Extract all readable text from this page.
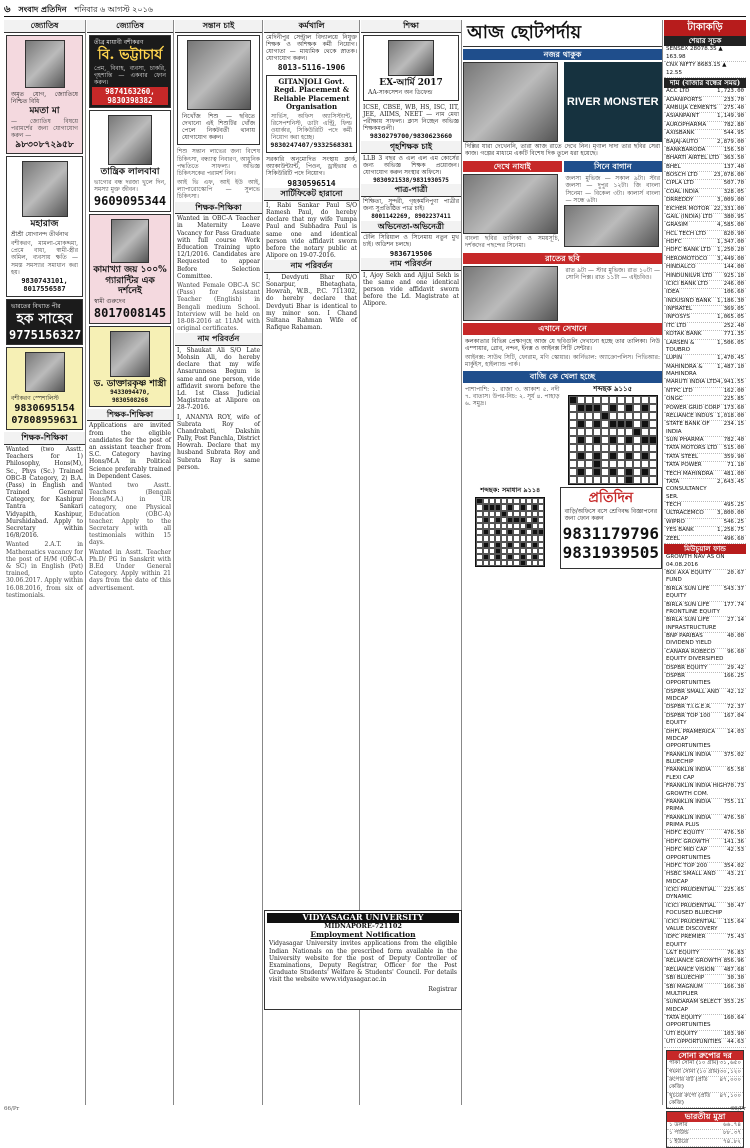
৬ সংবাদ প্রতিদিন শনিবার ৬ আগস্ট ২০১৬
জ্যোতিষ
অমৃত যোগ, জ্যোতিষে নিশ্চিত বিধি
মমতা মা
— জ্যোতিষ বিষয়ে পরামর্শের জন্য যোগাযোগ করুন —
৯৮৩০৮৭২৯৫৮
মহারাজ
শ্রীশ্রী যোগানন্দ তীর্থনাথ
বশীকরণ, মামলা-মোকদ্দমা, প্রেমে বাধা, স্বামী-স্ত্রীর অমিল, ব্যবসায় ক্ষতি — সমস্ত সমস্যার সমাধান করা হয়।
9830743101, 8017556587
ভারতের বিখ্যাত পীর
হক সাহেব
9775156327
বশীকরণ স্পেশালিস্ট
9830695154
07808959631
শিক্ষক-শিক্ষিকা
Wanted (two Asstt. Teachers for 1) Philosophy, Hons(M), Sc., Phys (Sc.) Trained OBC-B Category, 2) B.A. (Pass) in English and Trained General Category, for Kashipur Tantra Sankari Vidyapith, Kashipur, Murshidabad. Apply to Secretary within 16/8/2016.
Wanted 2.A.T. in Mathematics vacancy for the post of H/M (OBC-A & SC) in English (Pet) trained, upto 30.06.2017. Apply within 16.08.2016, from six of testimonials.
জ্যোতিষ
তীব্র মায়াবী বশীকরণ
বি. ভট্টাচার্য
প্রেম, বিবাহ, ব্যবসা, চাকরি, গৃহশান্তি — একবার ফোন করুন।
9874163260, 9830398382
তান্ত্রিক লালবাবা
ভাগ্যের বন্ধ দরজা খুলে দিন, সমস্যা মুক্ত জীবন।
9609095344
কামাখ্যা জয় ১০০% গ্যারান্টির এক দর্শনেই
স্বামী গুরুদেব
8017008145
ড. ডাক্তারকৃষ্ণ শাস্ত্রী
9433094470, 9830508268
শিক্ষক-শিক্ষিকা
Applications are invited from the eligible candidates for the post of an assistant teacher from S.C. Category having Hons/M.A in Political Science preferably trained in Dependent Cases.
Wanted two Asstt. Teachers (Bengali Hons/M.A.) in UR category, one Physical Education (OBC-A) teacher. Apply to the Secretary with all testimonials within 15 days.
Wanted in Asstt. Teacher Ph.D/ PG in Sanskrit with B.Ed Under General Category. Apply within 21 days from the date of this advertisement.
সন্তান চাই
নিখোঁজ শিশু — ছবিতে দেখানো এই শিশুটির খোঁজ পেলে নিকটবর্তী থানায় যোগাযোগ করুন।
শিশু সন্তান লাভের জন্য বিশেষ চিকিৎসা, বন্ধ্যাত্ব নিবারণ, আধুনিক পদ্ধতিতে সাফল্য। অভিজ্ঞ চিকিৎসকের পরামর্শ নিন।
আই ভি এফ, আই ইউ আই, ল্যাপারোস্কোপি — সুলভে চিকিৎসা।
শিক্ষক-শিক্ষিকা
Wanted in OBC-A Teacher in Maternity Leave Vacancy for Pass Graduate with full course Work Education Training upto 12/1/2016. Candidates are Requested to appear Before Selection Committee.
Wanted Female OBC-A SC (Pass) for Assistant Teacher (English) in Bengali medium School. Interview will be held on 18-08-2016 at 11AM with original certificates.
নাম পরিবর্তন
I, Shaukat Ali S/O Late Mohsin Ali, do hereby declare that my wife Ansarunnesa Begum is same and one person, vide affidavit sworn before the Ld. 1st Class Judicial Magistrate at Alipore on 28-7-2016.
I, ANANYA ROY, wife of Subrata Roy of Chandrabati, Dakshin Pally, Post Panchla, District Howrah. Declare that my husband Subrata Roy and Subrata Ray is same person.
কর্মখালি
মেদিনীপুর সেন্ট্রাল বিদ্যালয়ে নিযুক্ত শিক্ষক ও অশিক্ষক কর্মী নিয়োগ। যোগ্যতা — মাধ্যমিক থেকে স্নাতক। যোগাযোগ করুন।
8013-5116-1906
GITANJOLI Govt. Regd. Placement & Reliable Placement Organisation
সার্ভিস, অফিস অ্যাসিস্ট্যান্ট, রিসেপশনিস্ট, ডাটা এন্ট্রি, ফিল্ড ওয়ার্কার, সিকিউরিটি পদে কর্মী নিয়োগ করা হচ্ছে।
9830247407/9332568381
সরকারি অনুমোদিত সংস্থায় ক্লার্ক, অ্যাকাউন্ট্যান্ট, পিওন, ড্রাইভার ও সিকিউরিটি পদে নিয়োগ।
9830596514
সার্টিফিকেট হারানো
I, Rabi Sankar Paul S/O Ramesh Paul, do hereby declare that my wife Tumpa Paul and Subhadra Paul is same one and identical person vide affidavit sworn before the notary public at Alipore on 19-07-2016.
নাম পরিবর্তন
I, Devdyuti Bhar R/O Sonarpur, Bhetaghata, Howrah, W.B., P.C. 711302, do hereby declare that Devdyuti Bhar is identical to my minor son. I Chand Sultana Rahman Wife of Rafique Rahaman.
শিক্ষা
EX-আর্মি 2017
AA-সাকসেশন অন ডিফেন্ড
ICSE, CBSE, WB, HS, ISC, IIT, JEE, AIIMS, NEET — নাম মেধা পরীক্ষায় সাফল্য। ক্লাস নিচ্ছেন অভিজ্ঞ শিক্ষকমণ্ডলী।
9830279700/9830623660
গৃহশিক্ষক চাই
LLB 3 বছর ও এল এল এম কোর্সের জন্য অভিজ্ঞ শিক্ষক প্রয়োজন। যোগাযোগ করুন সংস্থার অফিসে।
9830921538/9831930575
পাত্র-পাত্রী
শিক্ষিতা, সুন্দরী, গৃহকর্মনিপুণা পাত্রীর জন্য সুপ্রতিষ্ঠিত পাত্র চাই।
8001142269, 8902237411
অভিনেতা-অভিনেত্রী
টেলি সিরিয়াল ও সিনেমায় নতুন মুখ চাই। অডিশন চলছে।
9836719506
নাম পরিবর্তন
I, Ajoy Sekh and Ajijul Sekh is the same and one identical person vide affidavit sworn before the Ld. Magistrate at Alipore.
আজ ছোটপর্দায়
নজর থাকুক
RIVER MONSTER
দিল্লির যারা দেখেননি, তারা আজ রাতে দেখে নিন। মৃণাল দাদা তার ছবির সেরা কাজ। গল্পের মাধ্যমে একটি বিশেষ দিক তুলে ধরা হয়েছে।
দেখে নাযাই
বাংলা ছবির তালিকা ও সময়সূচি, দর্শকদের পছন্দের সিনেমা।
সিনে বাগান
জলসা মুভিজ — সকাল ৯টা। স্টার জলসা — দুপুর ১২টা। জি বাংলা সিনেমা — বিকেল ৩টা। কালার্স বাংলা — সন্ধে ৬টা।
রাতের ছবি
রাত ৯টা — স্টার মুভিজ। রাত ১০টা — সোনি পিক্স। রাত ১১টা — এইচবিও।
এখানে সেখানে
কলকাতার বিভিন্ন প্রেক্ষাগৃহে আজ যে ছবিগুলি দেখানো হচ্ছে তার তালিকা। নিউ এম্পায়ার, গ্লোব, নন্দন, ইনক্স ও আইনক্স সিটি সেন্টার।
আইনক্স: সাউথ সিটি, ফোরাম, মণি স্কোয়ার। কার্নিভাল: অ্যাক্রোপলিস। পিভিআর: মার্কুইস, হাইল্যান্ড পার্ক।
বাজি কে খেলা হচ্ছে
পাশাপাশি: ১. রাজা ৩. আকাশ ৫. নদী ৭. বাতাস। উপর-নিচ: ২. সূর্য ৪. পাহাড় ৬. সমুদ্র।
শব্দছক ৯১১৫
শব্দছক: সমাধান ৯১১৪	প্রতিদিন
বাড়ি/অফিসে বসে শ্রেণিবদ্ধ বিজ্ঞাপনের জন্য ফোন করুন
9831179796
9831939505
টাকাকড়ি
শেয়ার সূচক
SENSEX 28078.35 ▲ 163.98
CNX NIFTY 8683.15 ▲ 12.55
দাম (বাজার বন্ধের সময়)
ACC LTD	1,723.00
ADANIPORTS	233.70
AMBUJA CEMENTS 275.40
ASIANPAINT	1,149.90
AUROPHARMA	782.80
AXISBANK	544.95
BAJAJ-AUTO	2,879.00
BANKBARODA	156.50
BHARTI AIRTEL LTD 363.50
BHEL	137.40
BOSCH LTD	23,078.00
CIPLA LTD	507.70
COAL INDIA	328.05
DRREDDY	3,009.00
EICHER MOTOR 22,331.00
GAIL (INDIA) LTD 380.95
GRASIM	4,585.00
HCL TECH LTD	820.90
HDFC	1,347.00
HDFC BANK LTD 1,250.20
HEROMOTOCO 3,449.00
HINDALCO	144.00
HINDUNILVR LTD 925.10
ICICI BANK LTD	246.00
IDEA	106.60
INDUSIND BANK 1,186.30
INFRATEL	369.05
INFOSYS	1,065.05
ITC LTD	252.40
KOTAK BANK	771.35
LARSEN & TOUBRO
1,506.05
LUPIN	1,470.45
MAHINDRA & MAHINDRA
1,487.10
MARUTI INDIA LTD 4,941.55
NTPC LTD	162.00
ONGC	225.85
POWER GRID CORP 173.60
RELIANCE INDUS 1,018.00
STATE BANK OF INDIA
234.15
SUN PHARMA	782.40
TATA MOTORS LTD 515.00
TATA STEEL	359.90
TATA POWER	71.10
TECH MAHINDRA 481.00
TATA CONSULTANCY SER.
2,643.45
TECH	495.25
ULTRACEMCO 3,800.00
WIPRO	546.25
YES BANK	1,258.75
ZEEL	496.60
মিউচুয়াল ফান্ড
GROWTH NAV AS ON 04.08.2016
BOI AXA EQUITY FUND
20.67
BIRLA SUN LIFE EQUITY
543.37
BIRLA SUN LIFE FRONTLINE EQUITY
177.74
BIRLA SUN LIFE INFRASTRUCTURE
27.14
BNP PARIBAS DIVIDEND YIELD
40.00
CANARA ROBECO EQUITY DIVERSIFIED
96.60
DSPBR EQUITY	29.42
DSPBR OPPORTUNITIES
166.25
DSPBR SMALL AND MIDCAP
42.12
DSPBR T.I.G.E.R.	72.37
DSPBR TOP 100 EQUITY
167.04
DHFL PRAMERICA MIDCAP OPPORTUNITIES
14.03
FRANKLIN INDIA BLUECHIP
375.02
FRANKLIN INDIA FLEXI CAP
65.58
FRANKLIN INDIA HIGH GROWTH COM.
70.73
FRANKLIN INDIA PRIMA
755.11
FRANKLIN INDIA PRIMA PLUS
476.50
HDFC EQUITY	476.50
HDFC GROWTH	141.36
HDFC MID CAP OPPORTUNITIES
42.53
HDFC TOP 200	354.02
HSBC SMALL AND MIDCAP
43.21
ICICI PRUDENTIAL DYNAMIC
225.65
ICICI PRUDENTIAL FOCUSED BLUECHIP
30.47
ICICI PRUDENTIAL VALUE DISCOVERY
115.64
IDFC PREMIER EQUITY
75.43
L&T EQUITY	76.83
RELIANCE GROWTH 856.96
RELIANCE VISION 487.68
SBI BLUECHIP	30.30
SBI MAGNUM MULTIPLIER
166.30
SUNDARAM SELECT MIDCAP
353.25
TATA EQUITY OPPORTUNITIES
160.64
UTI EQUITY	103.90
UTI OPPORTUNITIES 44.63
সোনা রুপোর দর
পাকা সোনা (১০ গ্রাম) ৩১,৬৫০
গয়না সোনা (১০ গ্রাম) ৩০,১২০
রুপোর বাট (প্রতি কেজি)
৪৭,০০০
খুচরো রুপো (প্রতি কেজি)
৪৭,১০০
ভারতীয় মুদ্রা
১ ডলার	৬৬.৭৪
১ পাউন্ড	৮৮.৩৭
১ ইউরো	৭৪.৮২
VIDYASAGAR UNIVERSITY
MIDNAPORE-721102
Employment Notification
Vidyasagar University invites applications from the eligible Indian Nationals on the prescribed form available in the University website for the post of Deputy Controller of Examinations, Deputy Registrar, Officer for the Post Graduate Students' Welfare & Students' Council. For details visit the website www.vidyasagar.ac.in
Registrar
66/Pr	66/Pr
